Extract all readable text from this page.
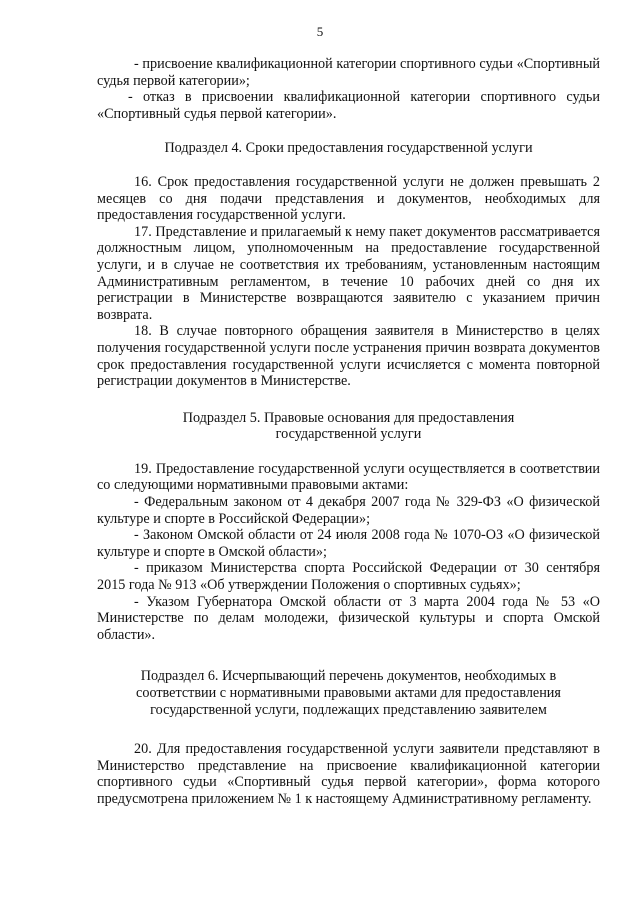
5

- присвоение квалификационной категории спортивного судьи «Спортивный судья первой категории»;

- отказ в присвоении квалификационной категории спортивного судьи «Спортивный судья первой категории».

Подраздел 4. Сроки предоставления государственной услуги

16. Срок предоставления государственной услуги не должен превышать 2 месяцев со дня подачи представления и документов, необходимых для предоставления государственной услуги.

17. Представление и прилагаемый к нему пакет документов рассматривается должностным лицом, уполномоченным на предоставление государственной услуги, и в случае не соответствия их требованиям, установленным настоящим Административным регламентом, в течение 10 рабочих дней со дня их регистрации в Министерстве возвращаются заявителю с указанием причин возврата.

18. В случае повторного обращения заявителя в Министерство в целях получения государственной услуги после устранения причин возврата документов срок предоставления государственной услуги исчисляется с момента повторной регистрации документов в Министерстве.

Подраздел 5. Правовые основания для предоставления государственной услуги

19. Предоставление государственной услуги осуществляется в соответствии со следующими нормативными правовыми актами:

- Федеральным законом от 4 декабря 2007 года № 329-ФЗ «О физической культуре и спорте в Российской Федерации»;

- Законом Омской области от 24 июля 2008 года № 1070-ОЗ «О физической культуре и спорте в Омской области»;

- приказом Министерства спорта Российской Федерации от 30 сентября 2015 года № 913 «Об утверждении Положения о спортивных судьях»;

- Указом Губернатора Омской области от 3 марта 2004 года № 53 «О Министерстве по делам молодежи, физической культуры и спорта Омской области».

Подраздел 6. Исчерпывающий перечень документов, необходимых в соответствии с нормативными правовыми актами для предоставления государственной услуги, подлежащих представлению заявителем

20. Для предоставления государственной услуги заявители представляют в Министерство представление на присвоение квалификационной категории спортивного судьи «Спортивный судья первой категории», форма которого предусмотрена приложением № 1 к настоящему Административному регламенту.
